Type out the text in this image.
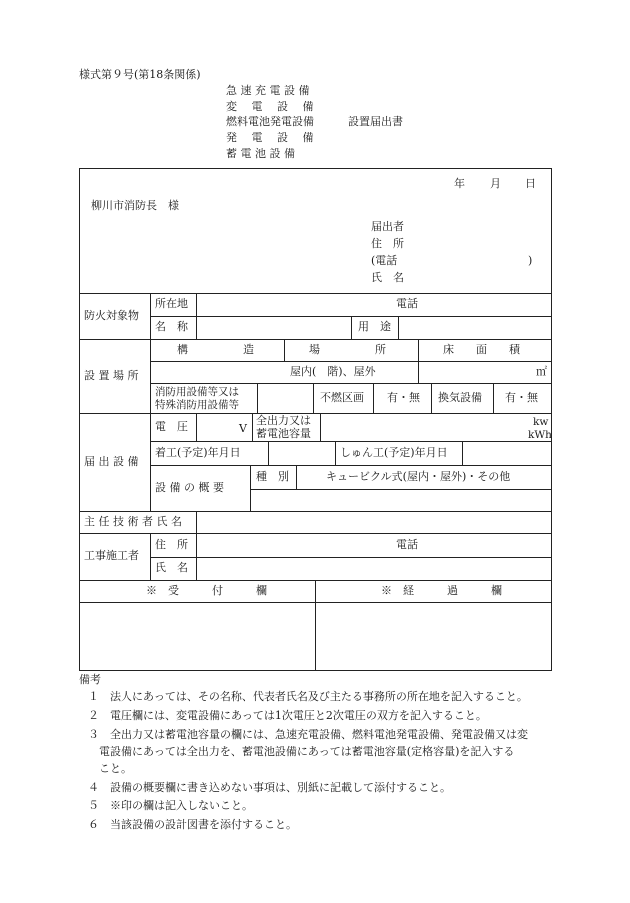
様式第９号(第18条関係)
急 速 充 電 設 備
変　 電　 設　 備
燃料電池発電設備	設置届出書
発　 電　 設　 備
蓄 電 池 設 備
年 月 日
柳川市消防長　様
届出者
住　所
(電話	)
氏　名
防火対象物
所在地	電話
名　称	用　途
設 置 場 所
構　　　　　造	場　　　　　所	床　　面　　積
屋内(　階)、屋外	㎡
消防用設備等又は
特殊消防用設備等
不燃区画 有・無 換気設備 有・無
届 出 設 備
電　圧	V
全出力又は
蓄電池容量
kw
kWh
着工(予定)年月日	しゅん工(予定)年月日
設 備 の 概 要
種　別	キュービクル式(屋内・屋外)・その他
主 任 技 術 者 氏 名
工事施工者
住　所	電話
氏　名
※　受　　　付　　　欄	※　経　　　過　　　欄
備考
１　法人にあっては、その名称、代表者氏名及び主たる事務所の所在地を記入すること。
２　電圧欄には、変電設備にあっては1次電圧と2次電圧の双方を記入すること。
３　全出力又は蓄電池容量の欄には、急速充電設備、燃料電池発電設備、発電設備又は変
　電設備にあっては全出力を、蓄電池設備にあっては蓄電池容量(定格容量)を記入する
　こと。
４　設備の概要欄に書き込めない事項は、別紙に記載して添付すること。
５　※印の欄は記入しないこと。
６　当該設備の設計図書を添付すること。
